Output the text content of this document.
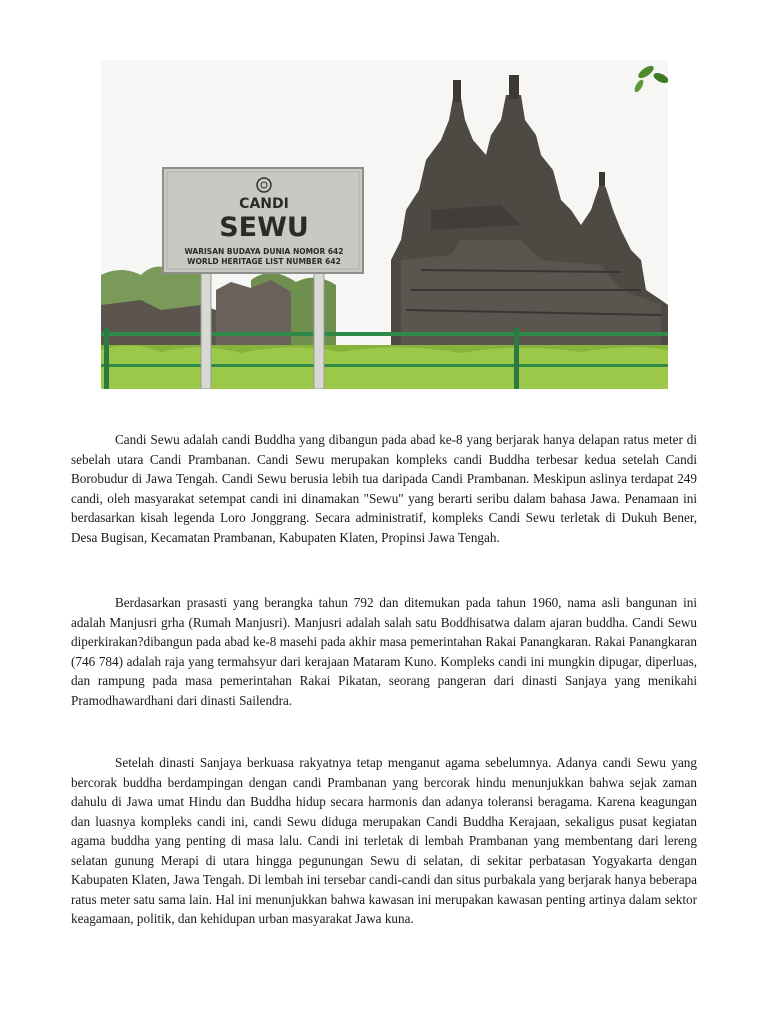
CANDI
SEWU
WARISAN BUDAYA DUNIA NOMOR 642
WORLD HERITAGE LIST NUMBER 642

Candi Sewu adalah candi Buddha yang dibangun pada abad ke-8 yang berjarak hanya delapan ratus meter di sebelah utara Candi Prambanan. Candi Sewu merupakan kompleks candi Buddha terbesar kedua setelah Candi Borobudur di Jawa Tengah. Candi Sewu berusia lebih tua daripada Candi Prambanan. Meskipun aslinya terdapat 249 candi, oleh masyarakat setempat candi ini dinamakan "Sewu" yang berarti seribu dalam bahasa Jawa. Penamaan ini berdasarkan kisah legenda Loro Jonggrang. Secara administratif, kompleks Candi Sewu terletak di Dukuh Bener, Desa Bugisan, Kecamatan Prambanan, Kabupaten Klaten, Propinsi Jawa Tengah.

Berdasarkan prasasti yang berangka tahun 792 dan ditemukan pada tahun 1960, nama asli bangunan ini adalah Manjusri grha (Rumah Manjusri). Manjusri adalah salah satu Boddhisatwa dalam ajaran buddha. Candi Sewu diperkirakan?dibangun pada abad ke-8 masehi pada akhir masa pemerintahan Rakai Panangkaran. Rakai Panangkaran (746 784) adalah raja yang termahsyur dari kerajaan Mataram Kuno. Kompleks candi ini mungkin dipugar, diperluas, dan rampung pada masa pemerintahan Rakai Pikatan, seorang pangeran dari dinasti Sanjaya yang menikahi Pramodhawardhani dari dinasti Sailendra.

Setelah dinasti Sanjaya berkuasa rakyatnya tetap menganut agama sebelumnya. Adanya candi Sewu yang bercorak buddha berdampingan dengan candi Prambanan yang bercorak hindu menunjukkan bahwa sejak zaman dahulu di Jawa umat Hindu dan Buddha hidup secara harmonis dan adanya toleransi beragama. Karena keagungan dan luasnya kompleks candi ini, candi Sewu diduga merupakan Candi Buddha Kerajaan, sekaligus pusat kegiatan agama buddha yang penting di masa lalu. Candi ini terletak di lembah Prambanan yang membentang dari lereng selatan gunung Merapi di utara hingga pegunungan Sewu di selatan, di sekitar perbatasan Yogyakarta dengan Kabupaten Klaten, Jawa Tengah. Di lembah ini tersebar candi-candi dan situs purbakala yang berjarak hanya beberapa ratus meter satu sama lain. Hal ini menunjukkan bahwa kawasan ini merupakan kawasan penting artinya dalam sektor keagamaan, politik, dan kehidupan urban masyarakat Jawa kuna.
